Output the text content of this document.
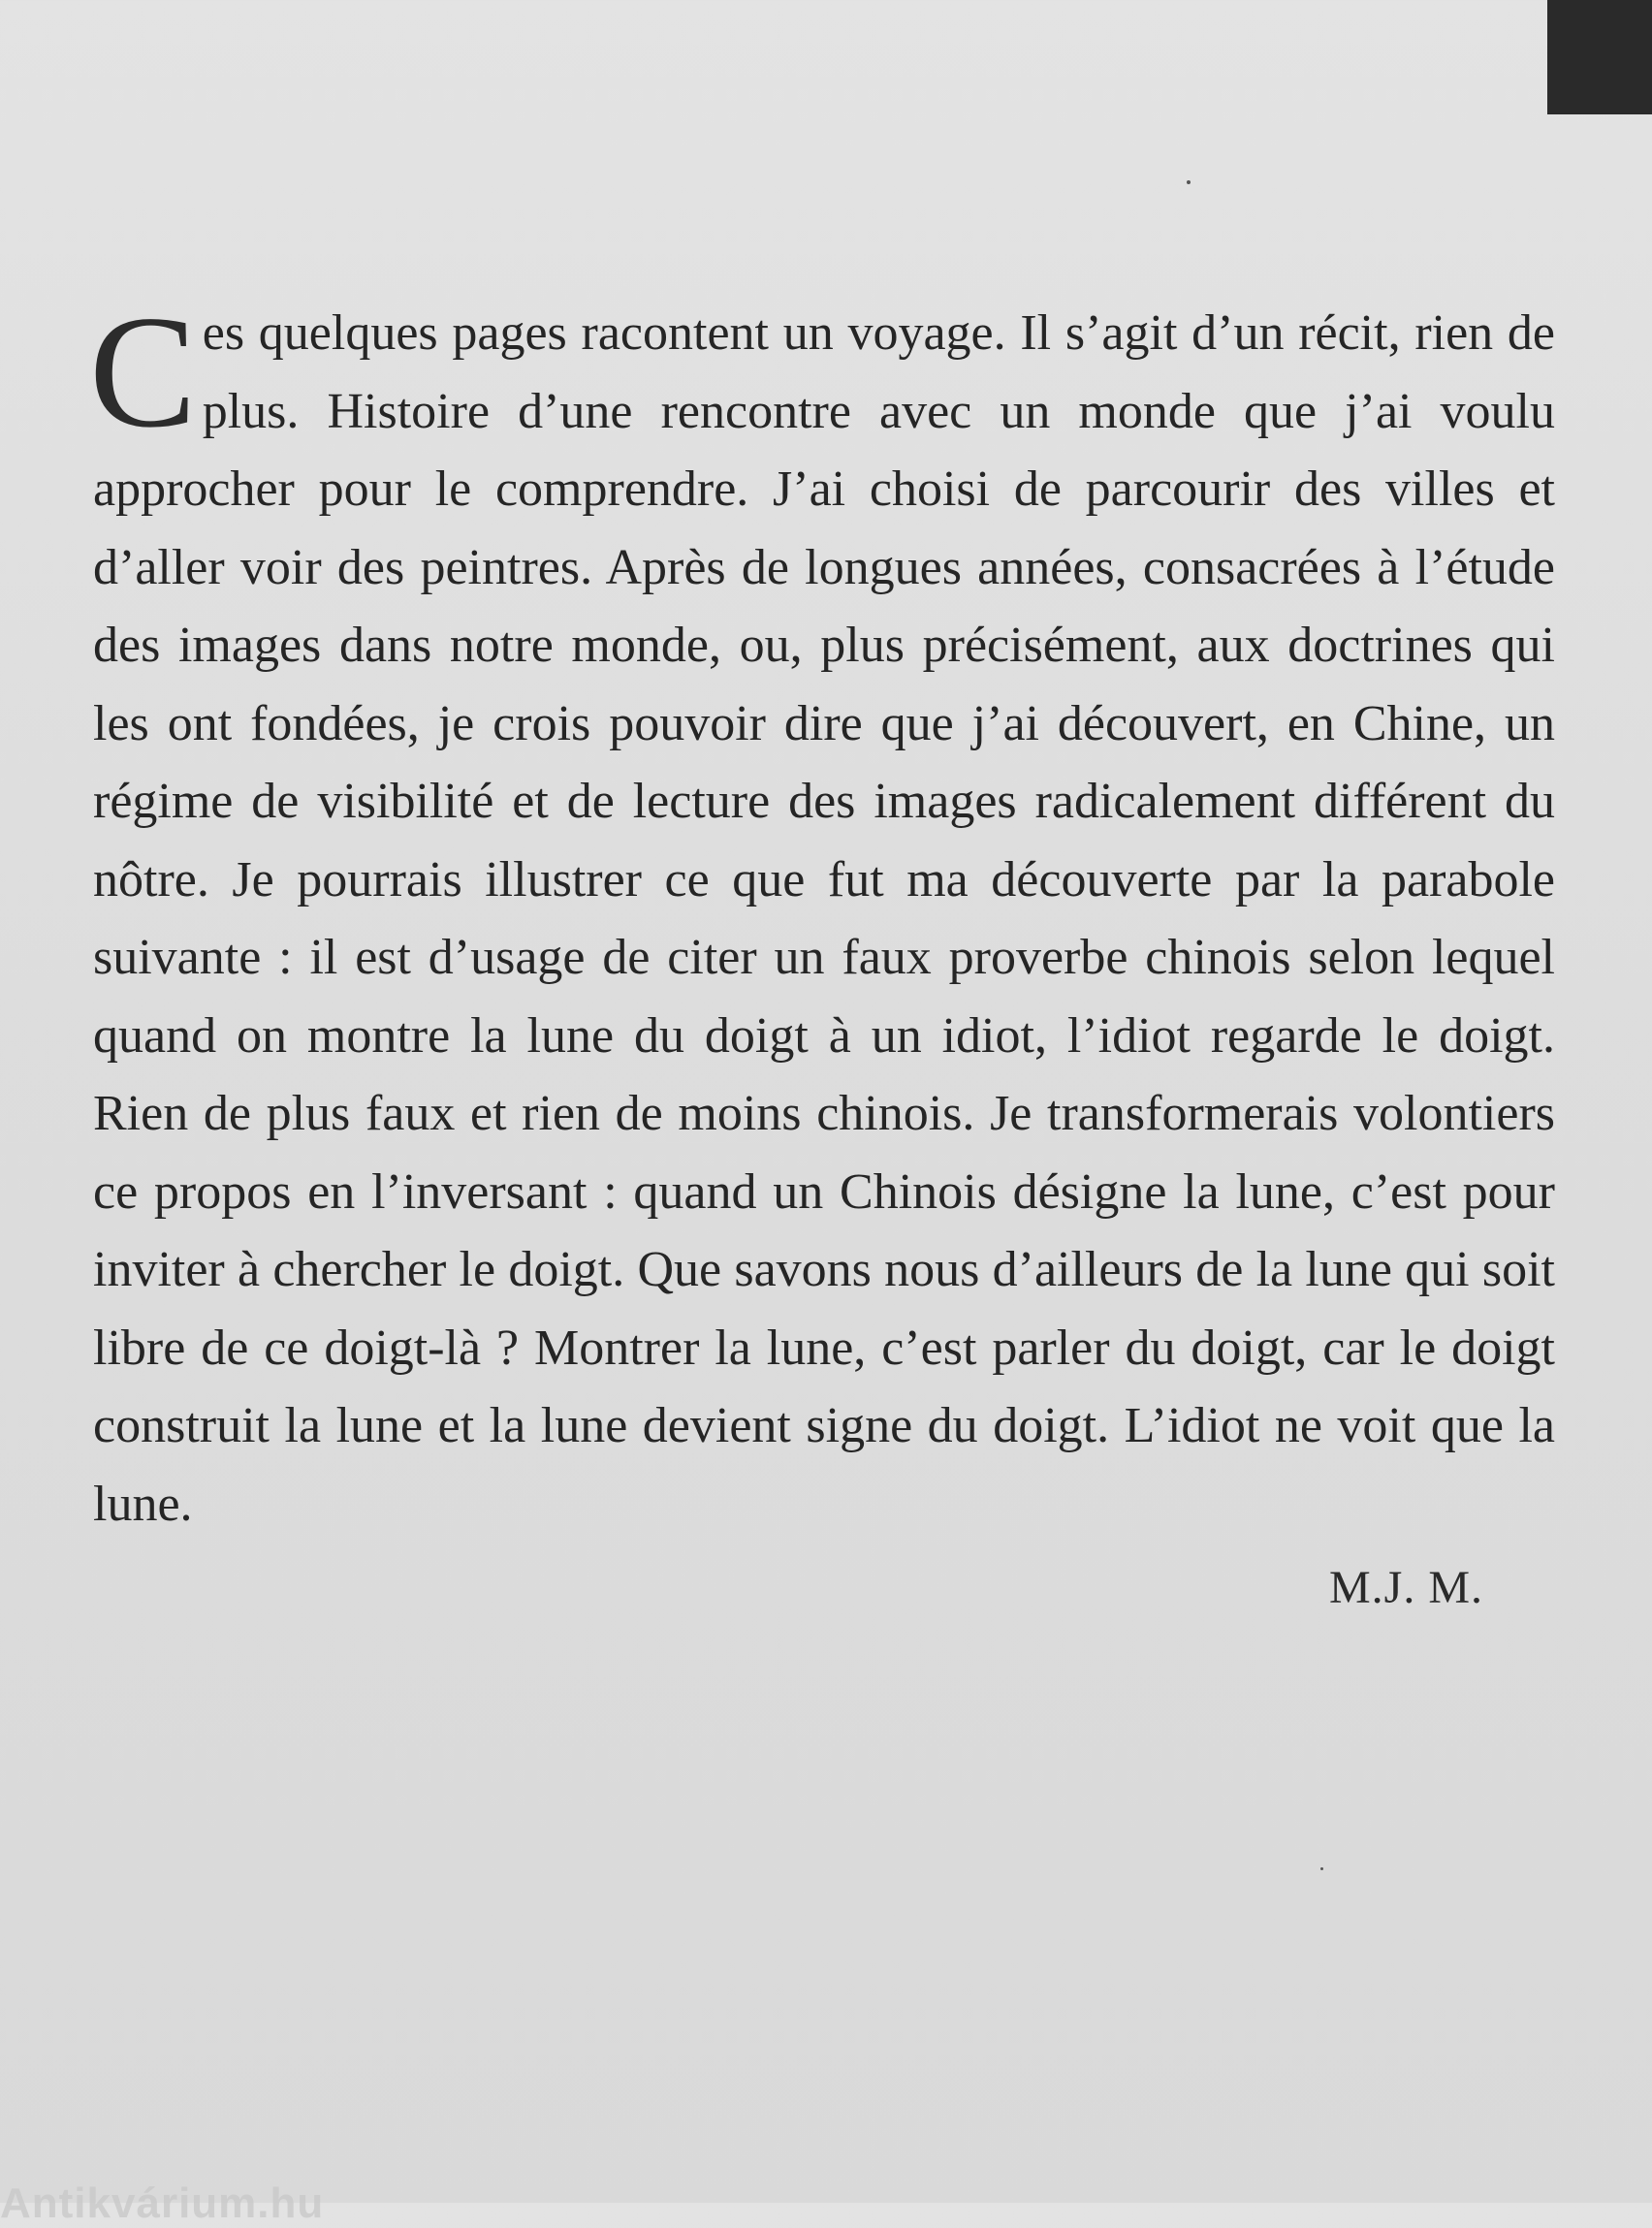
Ces quelques pages racontent un voyage. Il s’agit d’un récit, rien de plus. Histoire d’une rencontre avec un monde que j’ai voulu approcher pour le comprendre. J’ai choisi de parcourir des villes et d’aller voir des peintres. Après de longues années, consacrées à l’étude des images dans notre monde, ou, plus précisément, aux doctrines qui les ont fondées, je crois pouvoir dire que j’ai découvert, en Chine, un régime de visibilité et de lecture des images radicalement différent du nôtre. Je pourrais illustrer ce que fut ma découverte par la parabole suivante : il est d’usage de citer un faux proverbe chinois selon lequel quand on montre la lune du doigt à un idiot, l’idiot regarde le doigt. Rien de plus faux et rien de moins chinois. Je transformerais volontiers ce propos en l’inversant : quand un Chinois désigne la lune, c’est pour inviter à chercher le doigt. Que savons nous d’ailleurs de la lune qui soit libre de ce doigt-là ? Montrer la lune, c’est parler du doigt, car le doigt construit la lune et la lune devient signe du doigt. L’idiot ne voit que la lune.

M.J. M.
Antikvárium.hu
